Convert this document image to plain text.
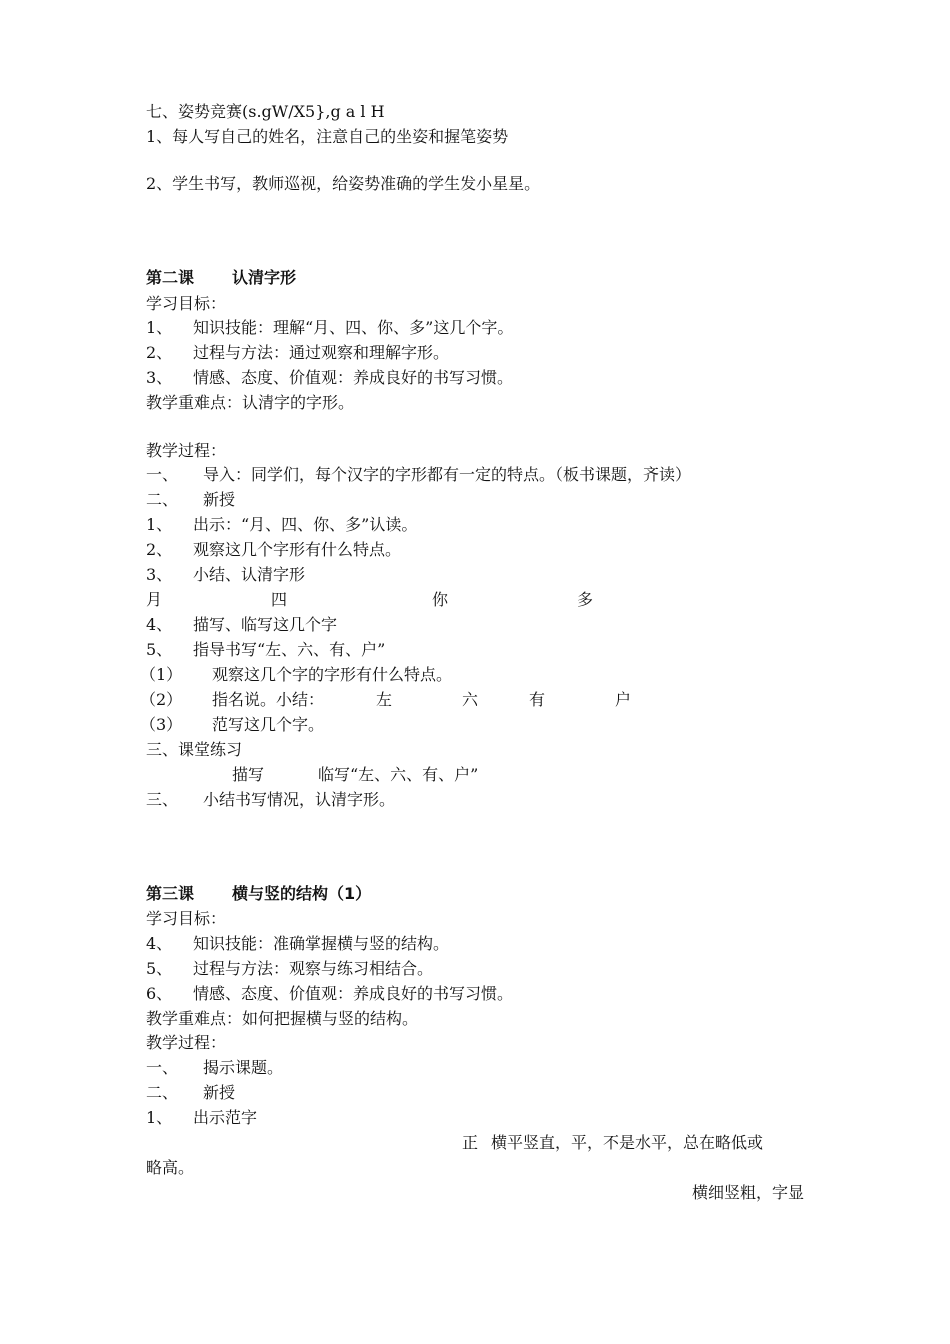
七、姿势竞赛(s.gW/X5},g a l H
1、每人写自己的姓名，注意自己的坐姿和握笔姿势
2、学生书写，教师巡视，给姿势准确的学生发小星星。
第二课 认清字形
学习目标：
1、 知识技能：理解“月、四、你、多”这几个字。
2、 过程与方法：通过观察和理解字形。
3、 情感、态度、价值观：养成良好的书写习惯。
教学重难点：认清字的字形。
教学过程：
一、 导入：同学们，每个汉字的字形都有一定的特点。（板书课题，齐读）
二、 新授
1、 出示：“月、四、你、多”认读。
2、 观察这几个字形有什么特点。
3、 小结、认清字形
月	四	你	多
4、 描写、临写这几个字
5、 指导书写“左、六、有、户”
（1） 观察这几个字的字形有什么特点。
（2） 指名说。小结：	左	六	有	户
（3） 范写这几个字。
三、课堂练习
描写	临写“左、六、有、户”
三、 小结书写情况，认清字形。
第三课 横与竖的结构（1）
学习目标：
4、 知识技能：准确掌握横与竖的结构。
5、 过程与方法：观察与练习相结合。
6、 情感、态度、价值观：养成良好的书写习惯。
教学重难点：如何把握横与竖的结构。
教学过程：
一、 揭示课题。
二、 新授
1、 出示范字
正 横平竖直，平，不是水平，总在略低或
略高。
横细竖粗，字显
